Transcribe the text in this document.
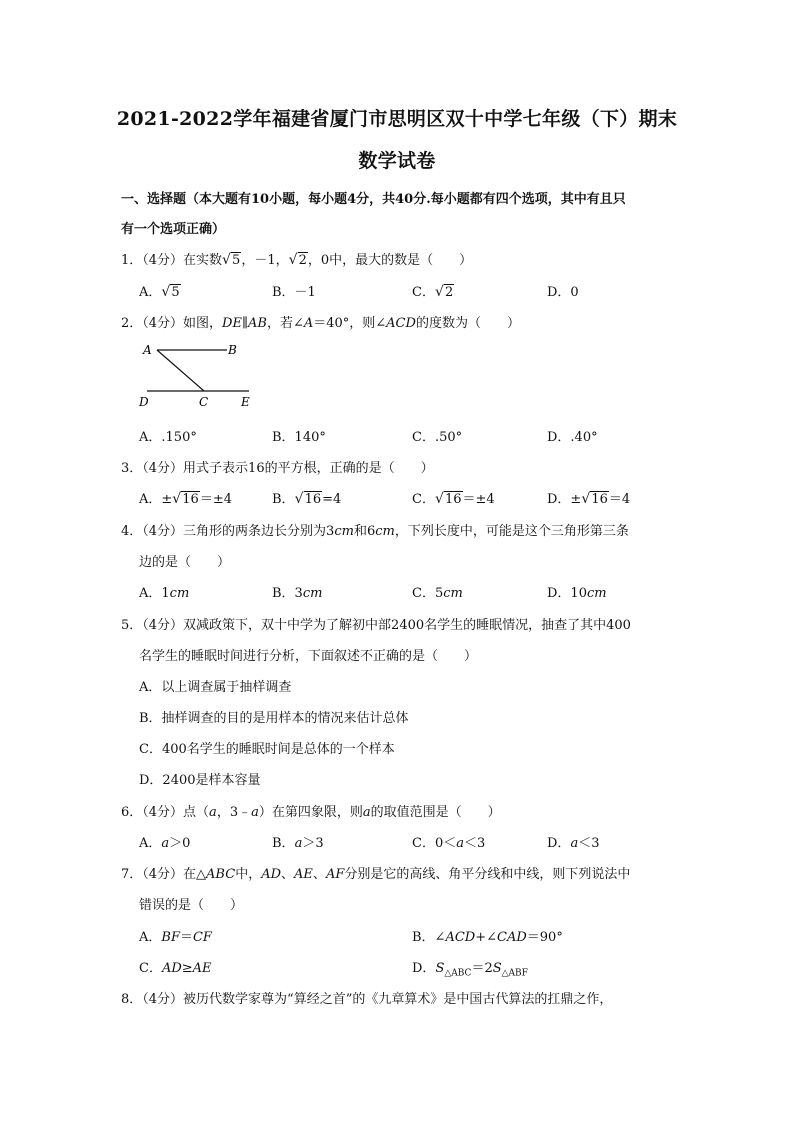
2021-2022学年福建省厦门市思明区双十中学七年级（下）期末
数学试卷
一、选择题（本大题有10小题，每小题4分，共40分.每小题都有四个选项，其中有且只
有一个选项正确）
1．（4分）在实数 √ 5，－1， √ 2，0中，最大的数是（　　）
A． √ 5	B．－1	C． √ 2	D．0
2．（4分）如图，DE∥AB，若∠A＝40°，则∠ACD的度数为（　　）
A	B
D	C	E
A．.150°	B．140°	C．.50°	D．.40°
3．（4分）用式子表示16的平方根，正确的是（　　）
A．± √ 16＝±4	B． √ 16=4	C． √ 16＝±4	D．± √ 16＝4
4．（4分）三角形的两条边长分别为3cm和6cm，下列长度中，可能是这个三角形第三条
边的是（　　）
A．1cm	B．3cm	C．5cm	D．10cm
5．（4分）双减政策下，双十中学为了解初中部2400名学生的睡眠情况，抽查了其中400
名学生的睡眠时间进行分析，下面叙述不正确的是（　　）
A．以上调查属于抽样调查
B．抽样调查的目的是用样本的情况来估计总体
C．400名学生的睡眠时间是总体的一个样本
D．2400是样本容量
6．（4分）点（a，3﹣a）在第四象限，则a的取值范围是（　　）
A．a＞0	B．a＞3	C．0＜a＜3	D．a＜3
7．（4分）在△ABC中，AD、AE、AF分别是它的高线、角平分线和中线，则下列说法中
错误的是（　　）
A．BF＝CF	B．∠ACD+∠CAD＝90°
C．AD≥AE	D．$S_{\triangle ABC}=2S_{\triangle ABF}$
8．（4分）被历代数学家尊为“算经之首”的《九章算术》是中国古代算法的扛鼎之作，
